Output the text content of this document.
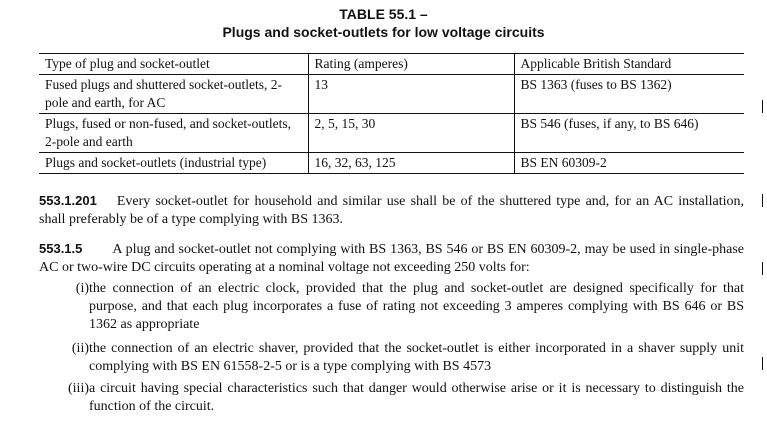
TABLE 55.1 –
Plugs and socket-outlets for low voltage circuits
Type of plug and socket-outlet	Rating (amperes)	Applicable British Standard
Fused plugs and shuttered socket-outlets, 2-pole and earth, for AC	13	BS 1363 (fuses to BS 1362)
Plugs, fused or non-fused, and socket-outlets, 2-pole and earth	2, 5, 15, 30	BS 546 (fuses, if any, to BS 646)
Plugs and socket-outlets (industrial type)	16, 32, 63, 125	BS EN 60309-2
553.1.201 Every socket-outlet for household and similar use shall be of the shuttered type and, for an AC installation, shall preferably be of a type complying with BS 1363.
553.1.5 A plug and socket-outlet not complying with BS 1363, BS 546 or BS EN 60309-2, may be used in single-phase AC or two-wire DC circuits operating at a nominal voltage not exceeding 250 volts for:
(i) the connection of an electric clock, provided that the plug and socket-outlet are designed specifically for that purpose, and that each plug incorporates a fuse of rating not exceeding 3 amperes complying with BS 646 or BS 1362 as appropriate
(ii) the connection of an electric shaver, provided that the socket-outlet is either incorporated in a shaver supply unit complying with BS EN 61558-2-5 or is a type complying with BS 4573
(iii) a circuit having special characteristics such that danger would otherwise arise or it is necessary to distinguish the function of the circuit.
